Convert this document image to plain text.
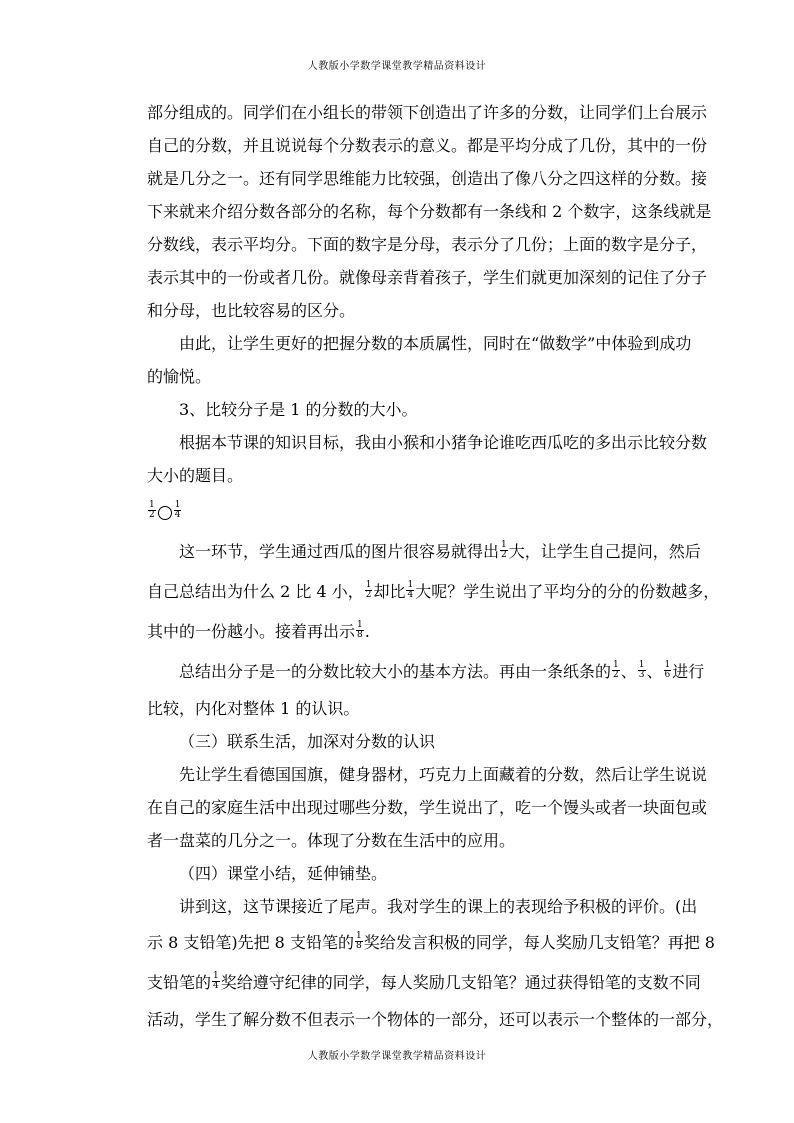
人教版小学数学课堂教学精品资料设计
部分组成的。同学们在小组长的带领下创造出了许多的分数，让同学们上台展示
自己的分数，并且说说每个分数表示的意义。都是平均分成了几份，其中的一份
就是几分之一。还有同学思维能力比较强，创造出了像八分之四这样的分数。接
下来就来介绍分数各部分的名称，每个分数都有一条线和 2 个数字，这条线就是
分数线，表示平均分。下面的数字是分母，表示分了几份；上面的数字是分子，
表示其中的一份或者几份。就像母亲背着孩子，学生们就更加深刻的记住了分子
和分母，也比较容易的区分。
由此，让学生更好的把握分数的本质属性，同时在“做数学”中体验到成功
的愉悦。
3、比较分子是 1 的分数的大小。
根据本节课的知识目标，我由小猴和小猪争论谁吃西瓜吃的多出示比较分数
大小的题目。
$\frac{1}{2} \frac{1}{4}$
这一环节，学生通过西瓜的图片很容易就得出 $\frac{1}{2}$ 大，让学生自己提问，然后
自己总结出为什么 2 比 4 小， $\frac{1}{2}$ 却比 $\frac{1}{4}$ 大呢？学生说出了平均分的分的份数越多，
其中的一份越小。接着再出示 $\frac{1}{8}$ .
总结出分子是一的分数比较大小的基本方法。再由一条纸条的 $\frac{1}{2}$ 、 $\frac{1}{3}$ 、 $\frac{1}{6}$ 进行
比较，内化对整体 1 的认识。
（三）联系生活，加深对分数的认识
先让学生看德国国旗，健身器材，巧克力上面藏着的分数，然后让学生说说
在自己的家庭生活中出现过哪些分数，学生说出了，吃一个馒头或者一块面包或
者一盘菜的几分之一。体现了分数在生活中的应用。
（四）课堂小结，延伸铺垫。
讲到这，这节课接近了尾声。我对学生的课上的表现给予积极的评价。(出
示 8 支铅笔)先把 8 支铅笔的 $\frac{1}{8}$ 奖给发言积极的同学，每人奖励几支铅笔？再把 8
支铅笔的 $\frac{1}{4}$ 奖给遵守纪律的同学，每人奖励几支铅笔？通过获得铅笔的支数不同
活动，学生了解分数不但表示一个物体的一部分，还可以表示一个整体的一部分，
人教版小学数学课堂教学精品资料设计
